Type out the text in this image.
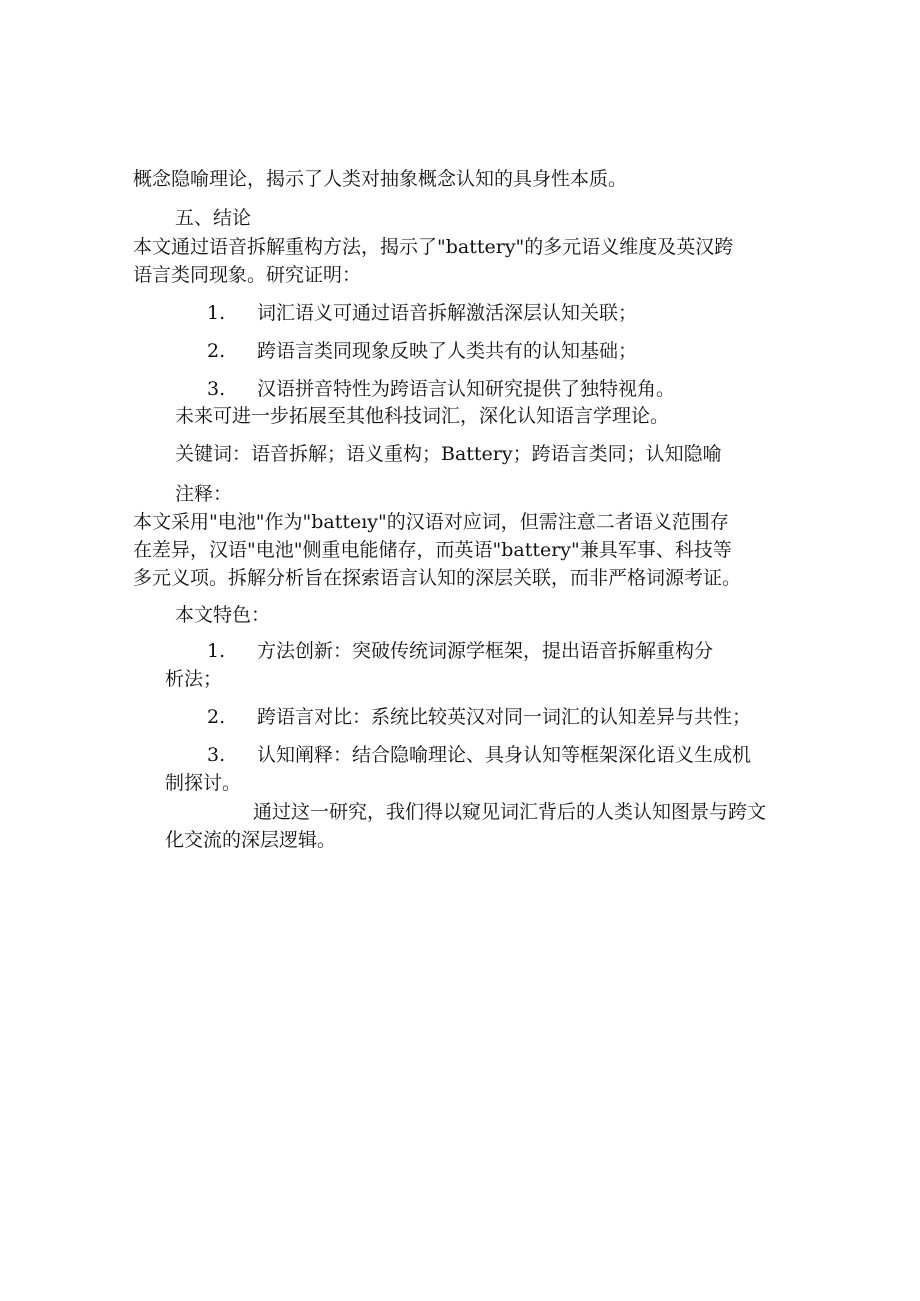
概念隐喻理论，揭示了人类对抽象概念认知的具身性本质。
五、结论
本文通过语音拆解重构方法，揭示了"battery"的多元语义维度及英汉跨
语言类同现象。研究证明：
1. 词汇语义可通过语音拆解激活深层认知关联；
2. 跨语言类同现象反映了人类共有的认知基础；
3. 汉语拼音特性为跨语言认知研究提供了独特视角。
未来可进一步拓展至其他科技词汇，深化认知语言学理论。
关键词：语音拆解；语义重构；Battery；跨语言类同；认知隐喻
注释：
本文采用"电池"作为"batteıy"的汉语对应词，但需注意二者语义范围存
在差异，汉语"电池"侧重电能储存，而英语"battery"兼具军事、科技等
多元义项。拆解分析旨在探索语言认知的深层关联，而非严格词源考证。
本文特色：
1. 方法创新：突破传统词源学框架，提出语音拆解重构分
析法；
2. 跨语言对比：系统比较英汉对同一词汇的认知差异与共性；
3. 认知阐释：结合隐喻理论、具身认知等框架深化语义生成机
制探讨。
通过这一研究，我们得以窥见词汇背后的人类认知图景与跨文
化交流的深层逻辑。
